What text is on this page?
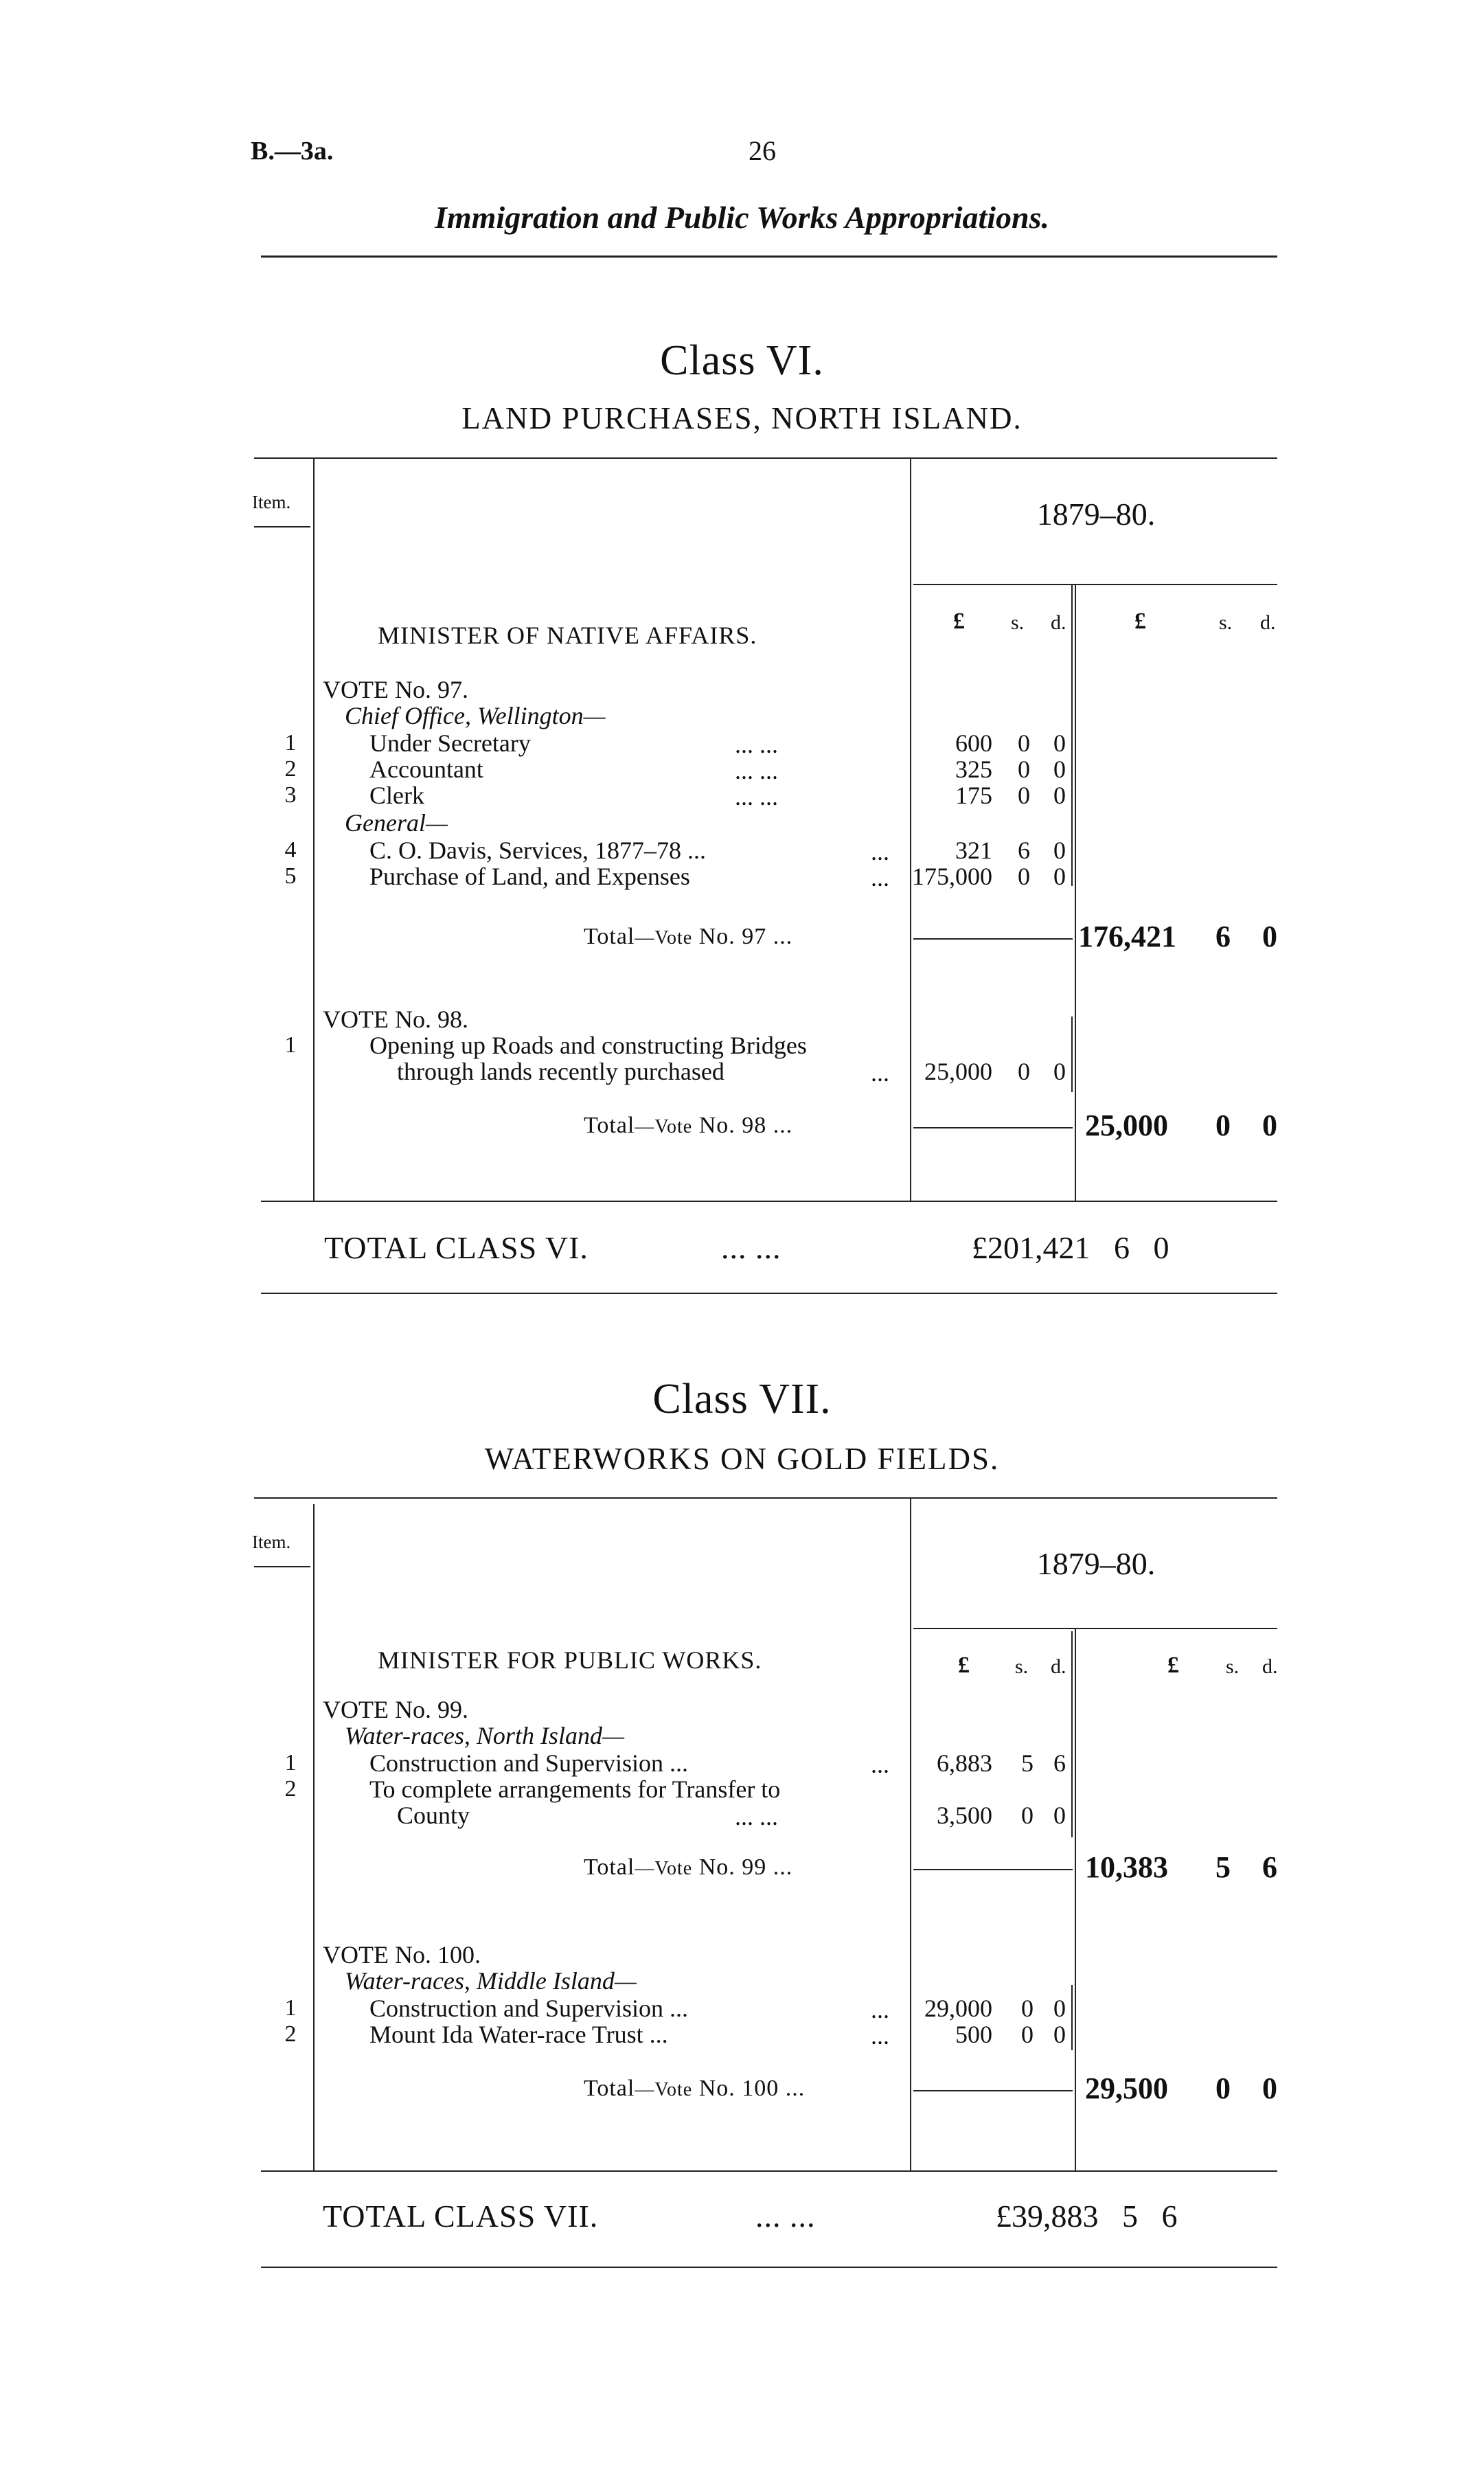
B.—3a.	26
Immigration and Public Works Appropriations.
Class VI.
LAND PURCHASES, NORTH ISLAND.
Item.	1879–80.
MINISTER OF NATIVE AFFAIRS.
£ s. d.	£	s. d.
VOTE No. 97.
Chief Office, Wellington—
1	Under Secretary	... ...	600	0 0
2	Accountant	... ...	325	0 0
3	Clerk	... ...	175	0 0
General—
4	C. O. Davis, Services, 1877–78 ...	...	321	6 0
5	Purchase of Land, and Expenses	... 175,000	0 0
Total—Vote No. 97 ...	176,421 6 0
VOTE No. 98.
1	Opening up Roads and constructing Bridges
through lands recently purchased	...	25,000	0 0
Total—Vote No. 98 ...	25,000 0 0
TOTAL CLASS VI.	... ...	£201,421   6   0
Class VII.
WATERWORKS ON GOLD FIELDS.
Item.
1879–80.
MINISTER FOR PUBLIC WORKS.	£ s. d.	£ s. d.
VOTE No. 99.
Water-races, North Island—
1	Construction and Supervision ...	...	6,883	5 6
2	To complete arrangements for Transfer to
County	... ...	3,500	0 0
Total—Vote No. 99 ...	10,383 5 6
VOTE No. 100.
Water-races, Middle Island—
1	Construction and Supervision ...	...	29,000	0 0
2	Mount Ida Water-race Trust ...	...	500	0 0
Total—Vote No. 100 ...	29,500 0 0
TOTAL CLASS VII.	... ...	£39,883   5   6
